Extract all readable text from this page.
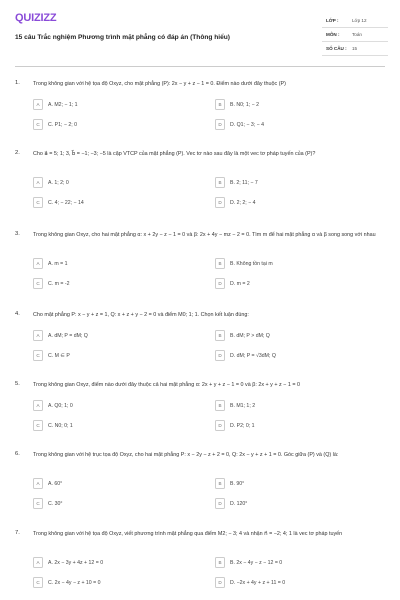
QUIZIZZ
15 câu Trắc nghiệm Phương trình mặt phẳng có đáp án (Thông hiểu)
LỚP :	Lớp 12
MÔN :	Toán
SỐ CÂU :	15
1.	Trong không gian với hệ tọa độ Oxyz, cho mặt phẳng (P): 2x − y + z − 1 = 0. Điểm nào dưới đây thuộc (P)
A	A. M2; − 1; 1	B	B. N0; 1; − 2
C	C. P1; − 2; 0	D	D. Q1; − 3; − 4
2.	Cho a⃗ = 5; 1; 3, b⃗ = −1; −3; −5 là cặp VTCP của mặt phẳng (P). Vec tơ nào sau đây là một vec tơ pháp tuyến của (P)?
A	A. 1; 2; 0	B	B. 2; 11; − 7
C	C. 4; − 22; − 14	D	D. 2; 2; − 4
3.	Trong không gian Oxyz, cho hai mặt phẳng α: x + 2y − z − 1 = 0 và β: 2x + 4y − mz − 2 = 0. Tìm m để hai mặt phẳng α và β song song với nhau
A	A. m = 1	B	B. Không tồn tại m
C	C. m = -2	D	D. m = 2
4.	Cho mặt phẳng P: x − y + z = 1, Q: x + z + y − 2 = 0 và điểm M0; 1; 1. Chọn kết luận đúng:
A	A. dM; P = dM; Q	B	B. dM; P > dM; Q
C	C. M ∈ P	D	D. dM; P = √3dM; Q
5.	Trong không gian Oxyz, điểm nào dưới đây thuộc cả hai mặt phẳng α: 2x + y + z − 1 = 0 và β: 2x + y + z − 1 = 0
A	A. Q0; 1; 0	B	B. M1; 1; 2
C	C. N0; 0; 1	D	D. P2; 0; 1
6.	Trong không gian với hệ trục tọa độ Oxyz, cho hai mặt phẳng P: x − 2y − z + 2 = 0, Q: 2x − y + z + 1 = 0. Góc giữa (P) và (Q) là:
A	A. 60°	B	B. 90°
C	C. 30°	D	D. 120°
7.	Trong không gian với hệ tọa độ Oxyz, viết phương trình mặt phẳng qua điểm M2; − 3; 4 và nhận n⃗ = −2; 4; 1 là vec tơ pháp tuyến
A	A. 2x − 3y + 4z + 12 = 0	B	B. 2x − 4y − z − 12 = 0
C	C. 2x − 4y − z + 10 = 0	D	D. −2x + 4y + z + 11 = 0
